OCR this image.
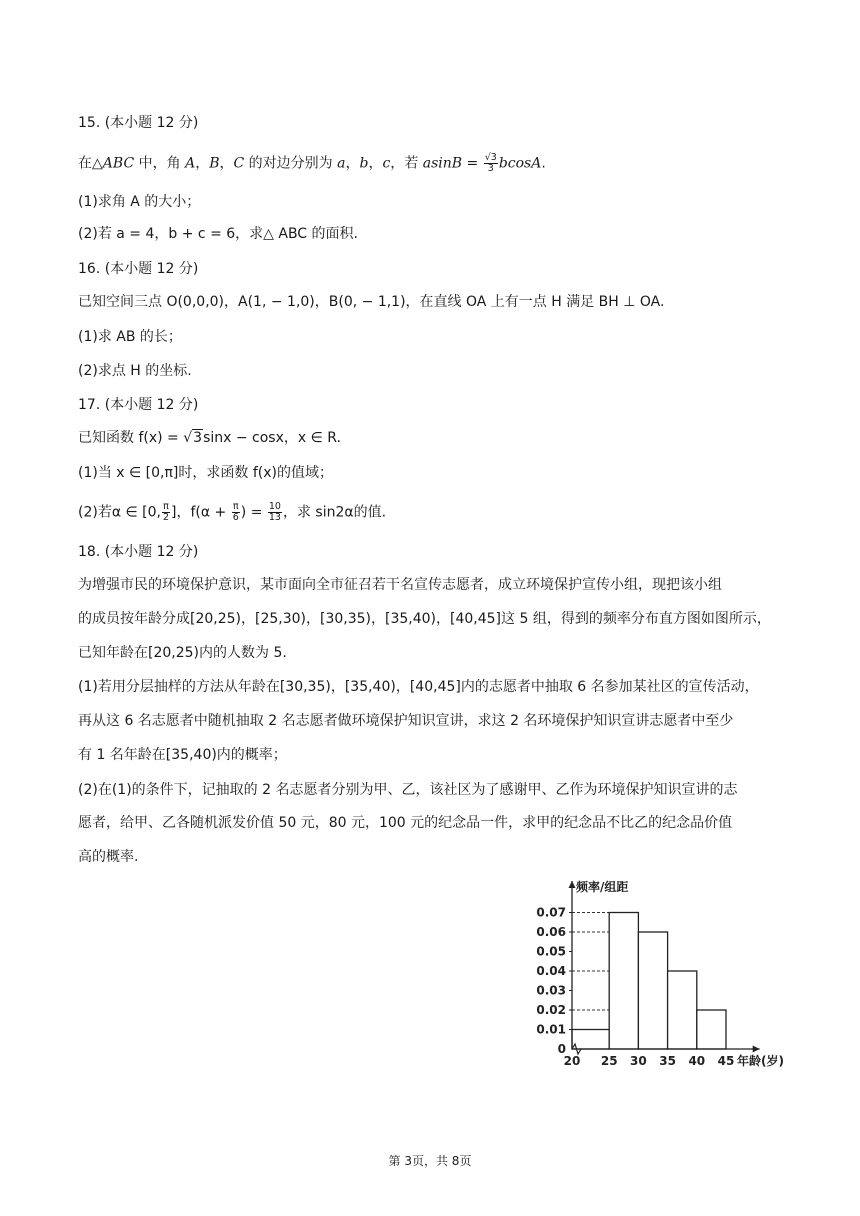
15. (本小题 12 分)
在△ABC 中，角 A，B，C 的对边分别为 a，b，c，若 $asinB = \frac{√3}{3} bcosA$.
(1)求角 A 的大小；
(2)若 a = 4，b + c = 6，求△ ABC 的面积.
16. (本小题 12 分)
已知空间三点 O(0,0,0)，A(1, − 1,0)，B(0, − 1,1)，在直线 OA 上有一点 H 满足 BH ⊥ OA.
(1)求 AB 的长；
(2)求点 H 的坐标.
17. (本小题 12 分)
已知函数 f(x) = √3sinx − cosx，x ∈ R.
(1)当 x ∈ [0,π]时，求函数 f(x)的值域；
(2)若α ∈ [0, $\frac{\pi}{2}$ ]，$f(\alpha + \frac{\pi}{6}$ ) = $\frac{10}{13}$ ，求 sin2α的值.
18. (本小题 12 分)
为增强市民的环境保护意识，某市面向全市征召若干名宣传志愿者，成立环境保护宣传小组，现把该小组
的成员按年龄分成[20,25)，[25,30)，[30,35)，[35,40)，[40,45]这 5 组，得到的频率分布直方图如图所示，
已知年龄在[20,25)内的人数为 5.
(1)若用分层抽样的方法从年龄在[30,35)，[35,40)，[40,45]内的志愿者中抽取 6 名参加某社区的宣传活动，
再从这 6 名志愿者中随机抽取 2 名志愿者做环境保护知识宣讲，求这 2 名环境保护知识宣讲志愿者中至少
有 1 名年龄在[35,40)内的概率；
(2)在(1)的条件下，记抽取的 2 名志愿者分别为甲、乙，该社区为了感谢甲、乙作为环境保护知识宣讲的志
愿者，给甲、乙各随机派发价值 50 元，80 元，100 元的纪念品一件，求甲的纪念品不比乙的纪念品价值
高的概率.
0.01
0.02
0.03
0.04
0.05
0.06
0.07
0
20 25 30 35 40 45
频率/组距
年龄(岁)
第 3页，共 8页
